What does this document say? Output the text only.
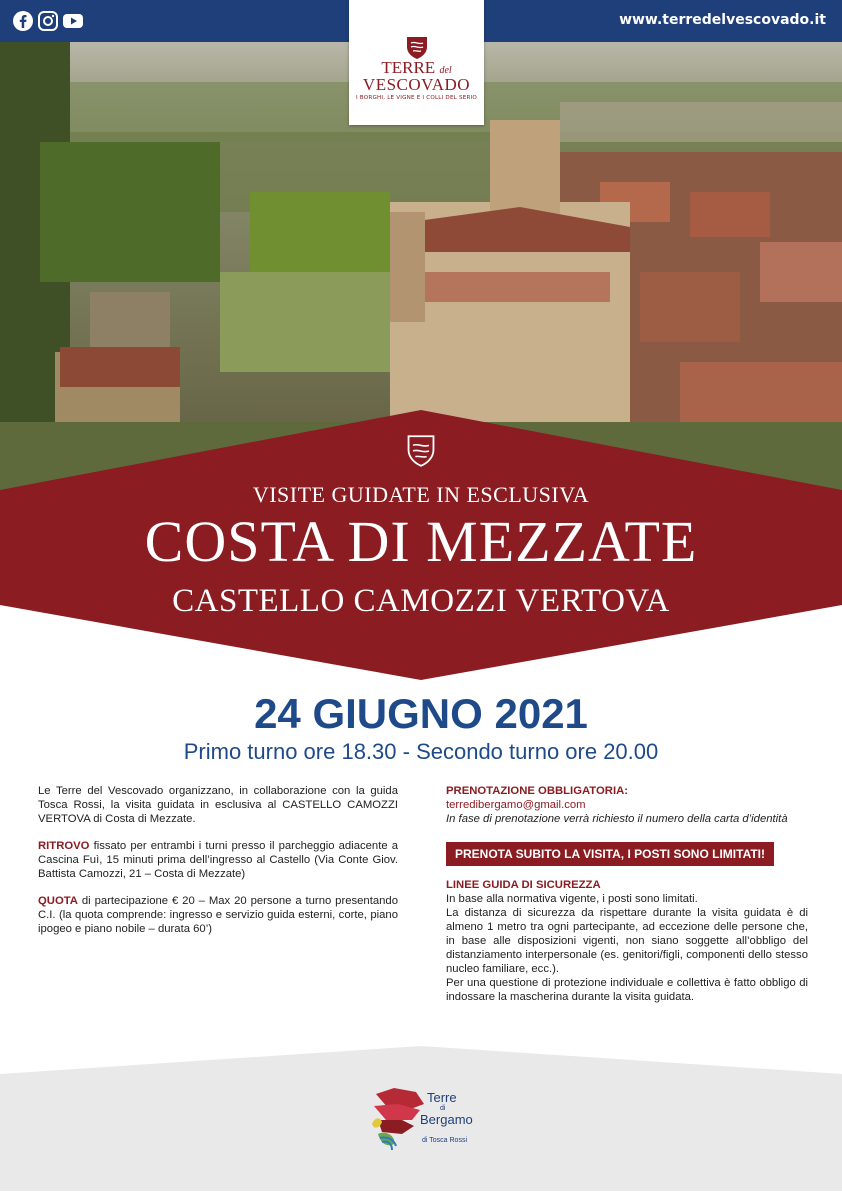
www.terredelvescovado.it
TERRE del
VESCOVADO
I BORGHI, LE VIGNE E I COLLI DEL SERIO
VISITE GUIDATE IN ESCLUSIVA
COSTA DI MEZZATE
CASTELLO CAMOZZI VERTOVA
24 GIUGNO 2021
Primo turno ore 18.30 - Secondo turno ore 20.00

Le Terre del Vescovado organizzano, in collaborazione con la guida Tosca Rossi, la visita guidata in esclusiva al CASTELLO CAMOZZI VERTOVA di Costa di Mezzate.

RITROVO fissato per entrambi i turni presso il parcheggio adiacente a Cascina Fuì, 15 minuti prima dell’ingresso al Castello (Via Conte Giov. Battista Camozzi, 21 – Costa di Mezzate)

QUOTA di partecipazione € 20 – Max 20 persone a turno presentando C.I. (la quota comprende: ingresso e servizio guida esterni, corte, piano ipogeo e piano nobile – durata 60’)

PRENOTAZIONE OBBLIGATORIA:
terredibergamo@gmail.com
In fase di prenotazione verrà richiesto il numero della carta d’identità
PRENOTA SUBITO LA VISITA, I POSTI SONO LIMITATI!
LINEE GUIDA DI SICUREZZA
In base alla normativa vigente, i posti sono limitati.
La distanza di sicurezza da rispettare durante la visita guidata è di almeno 1 metro tra ogni partecipante, ad eccezione delle persone che, in base alle disposizioni vigenti, non siano soggette all’obbligo del distanziamento interpersonale (es. genitori/figli, componenti dello stesso nucleo familiare, ecc.).
Per una questione di protezione individuale e collettiva è fatto obbligo di indossare la mascherina durante la visita guidata.
Terre
di
Bergamo
di Tosca Rossi
